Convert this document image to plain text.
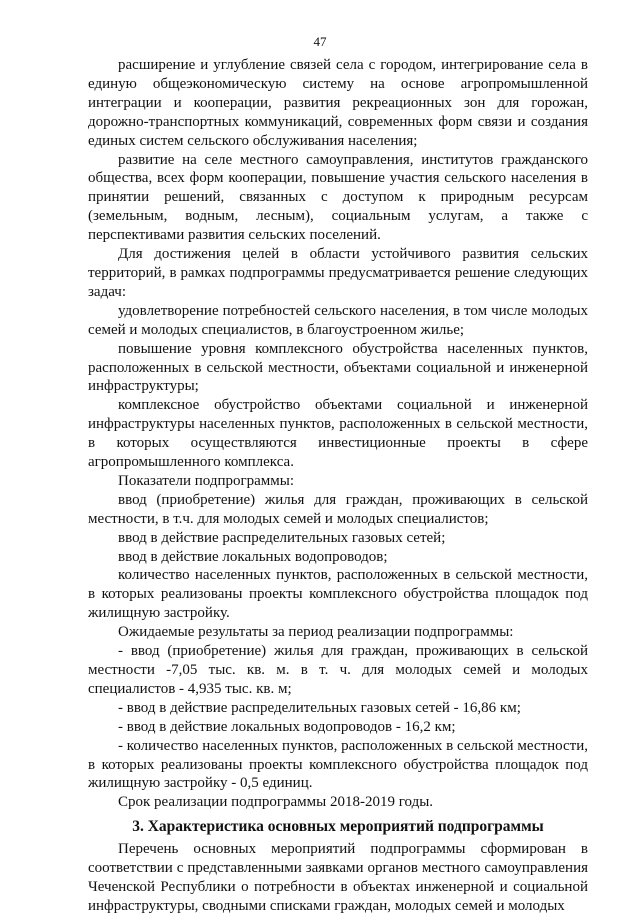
47

расширение и углубление связей села с городом, интегрирование села в единую общеэкономическую систему на основе агропромышленной интеграции и кооперации, развития рекреационных зон для горожан, дорожно-транспортных коммуникаций, современных форм связи и создания единых систем сельского обслуживания населения;

развитие на селе местного самоуправления, институтов гражданского общества, всех форм кооперации, повышение участия сельского населения в принятии решений, связанных с доступом к природным ресурсам (земельным, водным, лесным), социальным услугам, а также с перспективами развития сельских поселений.

Для достижения целей в области устойчивого развития сельских территорий, в рамках подпрограммы предусматривается решение следующих задач:

удовлетворение потребностей сельского населения, в том числе молодых семей и молодых специалистов, в благоустроенном жилье;

повышение уровня комплексного обустройства населенных пунктов, расположенных в сельской местности, объектами социальной и инженерной инфраструктуры;

комплексное обустройство объектами социальной и инженерной инфраструктуры населенных пунктов, расположенных в сельской местности, в которых осуществляются инвестиционные проекты в сфере агропромышленного комплекса.

Показатели подпрограммы:

ввод (приобретение) жилья для граждан, проживающих в сельской местности, в т.ч. для молодых семей и молодых специалистов;

ввод в действие распределительных газовых сетей;

ввод в действие локальных водопроводов;

количество населенных пунктов, расположенных в сельской местности, в которых реализованы проекты комплексного обустройства площадок под жилищную застройку.

Ожидаемые результаты за период реализации подпрограммы:

- ввод (приобретение) жилья для граждан, проживающих в сельской местности -7,05 тыс. кв. м. в т. ч. для молодых семей и молодых специалистов - 4,935 тыс. кв. м;

- ввод в действие распределительных газовых сетей - 16,86 км;

- ввод в действие локальных водопроводов - 16,2 км;

- количество населенных пунктов, расположенных в сельской местности, в которых реализованы проекты комплексного обустройства площадок под жилищную застройку - 0,5 единиц.

Срок реализации подпрограммы 2018-2019 годы.

3. Характеристика основных мероприятий подпрограммы

Перечень основных мероприятий подпрограммы сформирован в соответствии с представленными заявками органов местного самоуправления Чеченской Республики о потребности в объектах инженерной и социальной инфраструктуры, сводными списками граждан, молодых семей и молодых
